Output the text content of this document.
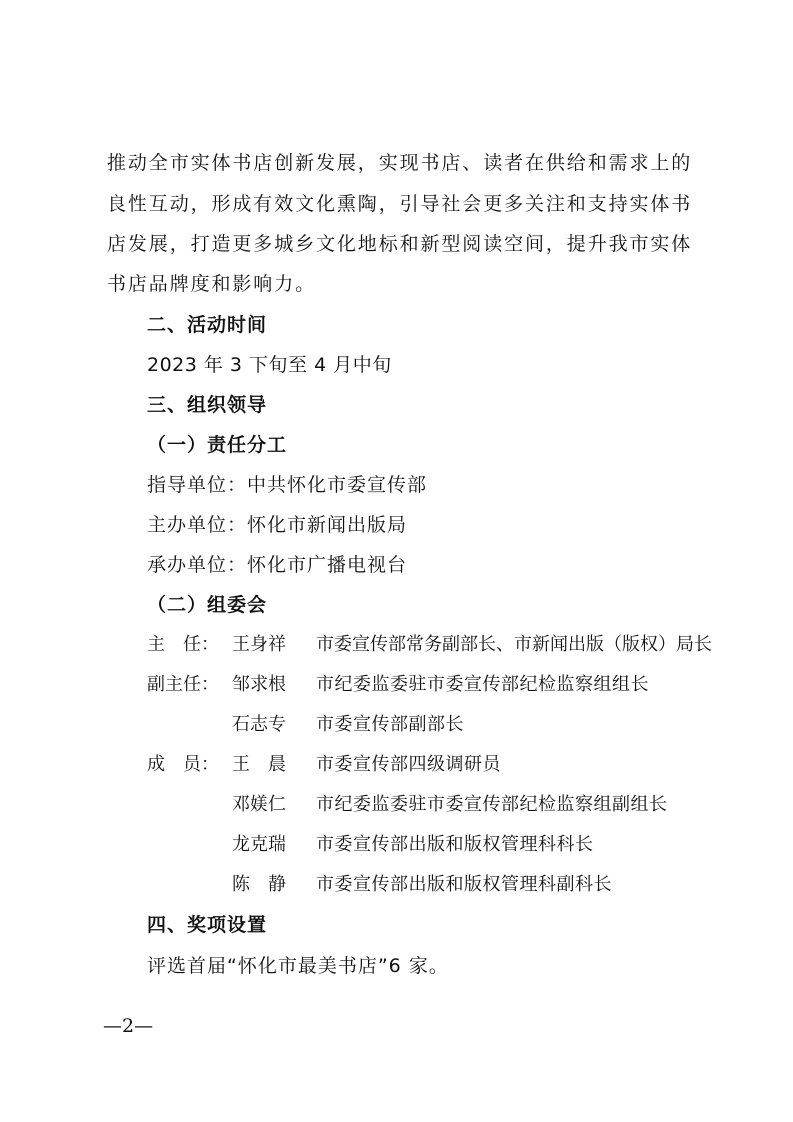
推动全市实体书店创新发展，实现书店、读者在供给和需求上的
良性互动，形成有效文化熏陶，引导社会更多关注和支持实体书
店发展，打造更多城乡文化地标和新型阅读空间，提升我市实体
书店品牌度和影响力。
二、活动时间
2023 年 3 下旬至 4 月中旬
三、组织领导
（一）责任分工
指导单位：中共怀化市委宣传部
主办单位：怀化市新闻出版局
承办单位：怀化市广播电视台
（二）组委会
主　任： 王身祥	市委宣传部常务副部长、市新闻出版（版权）局长
副主任： 邹求根	市纪委监委驻市委宣传部纪检监察组组长
石志专	市委宣传部副部长
成　员： 王　晨	市委宣传部四级调研员
邓媄仁	市纪委监委驻市委宣传部纪检监察组副组长
龙克瑞	市委宣传部出版和版权管理科科长
陈　静	市委宣传部出版和版权管理科副科长
四、奖项设置
评选首届“怀化市最美书店”6 家。
—2—
